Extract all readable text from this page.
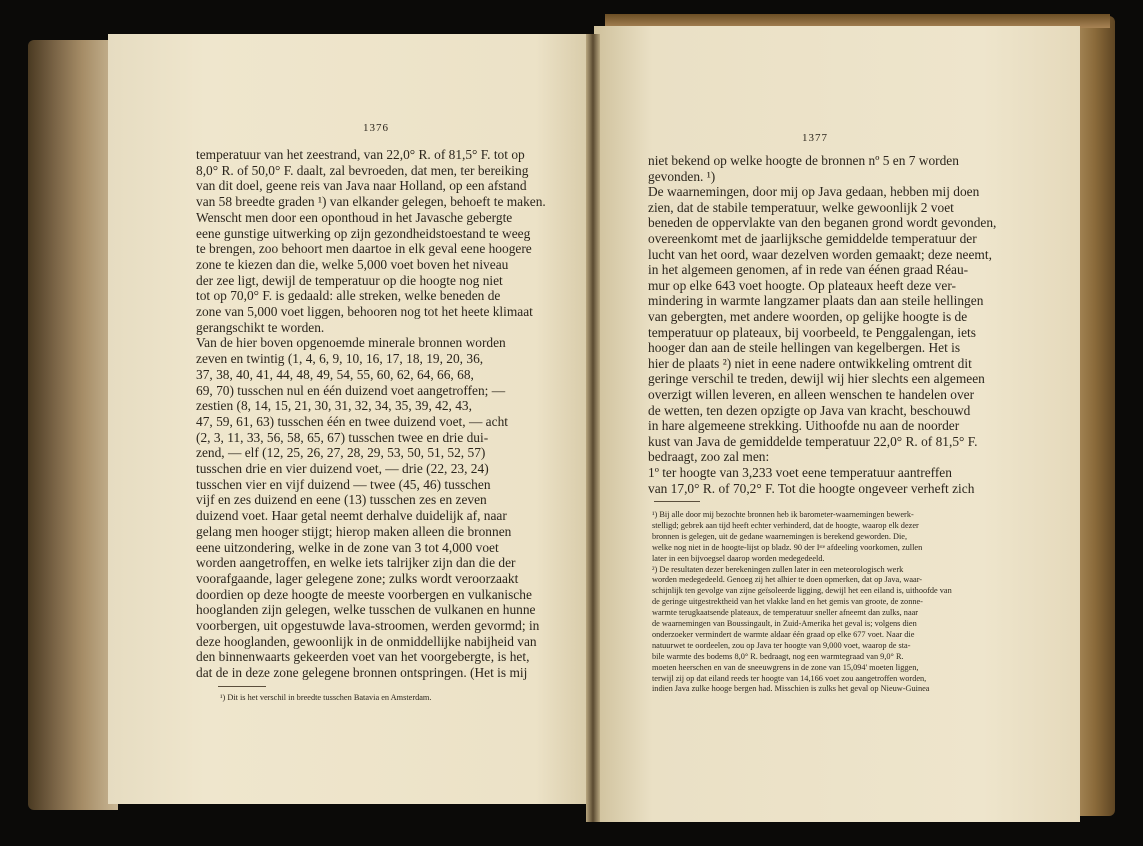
1376
temperatuur van het zeestrand, van 22,0° R. of 81,5° F. tot op
8,0° R. of 50,0° F. daalt, zal bevroeden, dat men, ter bereiking
van dit doel, geene reis van Java naar Holland, op een afstand
van 58 breedte graden ¹) van elkander gelegen, behoeft te maken.
Wenscht men door een oponthoud in het Javasche gebergte
eene gunstige uitwerking op zijn gezondheidstoestand te weeg
te brengen, zoo behoort men daartoe in elk geval eene hoogere
zone te kiezen dan die, welke 5,000 voet boven het niveau
der zee ligt, dewijl de temperatuur op die hoogte nog niet
tot op 70,0° F. is gedaald: alle streken, welke beneden de
zone van 5,000 voet liggen, behooren nog tot het heete klimaat
gerangschikt te worden.
Van de hier boven opgenoemde minerale bronnen worden
zeven en twintig (1, 4, 6, 9, 10, 16, 17, 18, 19, 20, 36,
37, 38, 40, 41, 44, 48, 49, 54, 55, 60, 62, 64, 66, 68,
69, 70) tusschen nul en één duizend voet aangetroffen; —
zestien (8, 14, 15, 21, 30, 31, 32, 34, 35, 39, 42, 43,
47, 59, 61, 63) tusschen één en twee duizend voet, — acht
(2, 3, 11, 33, 56, 58, 65, 67) tusschen twee en drie dui-
zend, — elf (12, 25, 26, 27, 28, 29, 53, 50, 51, 52, 57)
tusschen drie en vier duizend voet, — drie (22, 23, 24)
tusschen vier en vijf duizend — twee (45, 46) tusschen
vijf en zes duizend en eene (13) tusschen zes en zeven
duizend voet. Haar getal neemt derhalve duidelijk af, naar
gelang men hooger stijgt; hierop maken alleen die bronnen
eene uitzondering, welke in de zone van 3 tot 4,000 voet
worden aangetroffen, en welke iets talrijker zijn dan die der
voorafgaande, lager gelegene zone; zulks wordt veroorzaakt
doordien op deze hoogte de meeste voorbergen en vulkanische
hooglanden zijn gelegen, welke tusschen de vulkanen en hunne
voorbergen, uit opgestuwde lava-stroomen, werden gevormd; in
deze hooglanden, gewoonlijk in de onmiddellijke nabijheid van
den binnenwaarts gekeerden voet van het voorgebergte, is het,
dat de in deze zone gelegene bronnen ontspringen. (Het is mij
¹) Dit is het verschil in breedte tusschen Batavia en Amsterdam.
1377
niet bekend op welke hoogte de bronnen nº 5 en 7 worden
gevonden. ¹)
De waarnemingen, door mij op Java gedaan, hebben mij doen
zien, dat de stabile temperatuur, welke gewoonlijk 2 voet
beneden de oppervlakte van den beganen grond wordt gevonden,
overeenkomt met de jaarlijksche gemiddelde temperatuur der
lucht van het oord, waar dezelven worden gemaakt; deze neemt,
in het algemeen genomen, af in rede van éénen graad Réau-
mur op elke 643 voet hoogte. Op plateaux heeft deze ver-
mindering in warmte langzamer plaats dan aan steile hellingen
van gebergten, met andere woorden, op gelijke hoogte is de
temperatuur op plateaux, bij voorbeeld, te Penggalengan, iets
hooger dan aan de steile hellingen van kegelbergen. Het is
hier de plaats ²) niet in eene nadere ontwikkeling omtrent dit
geringe verschil te treden, dewijl wij hier slechts een algemeen
overzigt willen leveren, en alleen wenschen te handelen over
de wetten, ten dezen opzigte op Java van kracht, beschouwd
in hare algemeene strekking. Uithoofde nu aan de noorder
kust van Java de gemiddelde temperatuur 22,0° R. of 81,5° F.
bedraagt, zoo zal men:
1º ter hoogte van 3,233 voet eene temperatuur aantreffen
van 17,0° R. of 70,2° F. Tot die hoogte ongeveer verheft zich
¹) Bij alle door mij bezochte bronnen heb ik barometer-waarnemingen bewerk-
stelligd; gebrek aan tijd heeft echter verhinderd, dat de hoogte, waarop elk dezer
bronnen is gelegen, uit de gedane waarnemingen is berekend geworden. Die,
welke nog niet in de hoogte-lijst op bladz. 90 der Iˢᵗᵉ afdeeling voorkomen, zullen
later in een bijvoegsel daarop worden medegedeeld.
²) De resultaten dezer berekeningen zullen later in een meteorologisch werk
worden medegedeeld. Genoeg zij het alhier te doen opmerken, dat op Java, waar-
schijnlijk ten gevolge van zijne geïsoleerde ligging, dewijl het een eiland is, uithoofde van
de geringe uitgestrektheid van het vlakke land en het gemis van groote, de zonne-
warmte terugkaatsende plateaux, de temperatuur sneller afneemt dan zulks, naar
de waarnemingen van Boussingault, in Zuid-Amerika het geval is; volgens dien
onderzoeker vermindert de warmte aldaar één graad op elke 677 voet. Naar die
natuurwet te oordeelen, zou op Java ter hoogte van 9,000 voet, waarop de sta-
bile warmte des bodems 8,0° R. bedraagt, nog een warmtegraad van 9,0° R.
moeten heerschen en van de sneeuwgrens in de zone van 15,094' moeten liggen,
terwijl zij op dat eiland reeds ter hoogte van 14,166 voet zou aangetroffen worden,
indien Java zulke hooge bergen had. Misschien is zulks het geval op Nieuw-Guinea
